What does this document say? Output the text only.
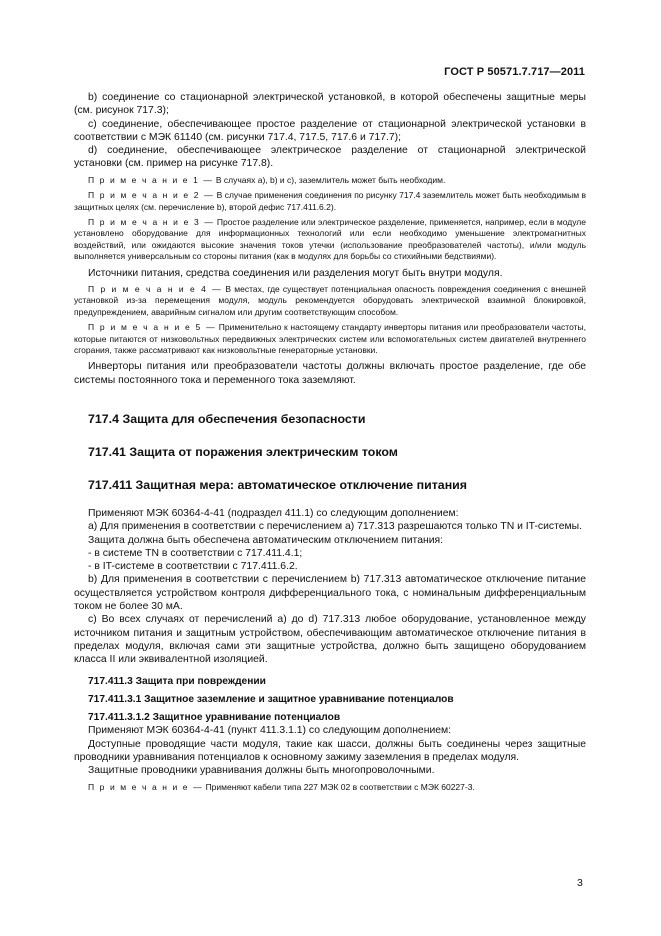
ГОСТ Р 50571.7.717—2011

b) соединение со стационарной электрической установкой, в которой обеспечены защитные меры (см. рисунок 717.3);

c) соединение, обеспечивающее простое разделение от стационарной электрической установки в соответствии с МЭК 61140 (см. рисунки 717.4, 717.5, 717.6 и 717.7);

d) соединение, обеспечивающее электрическое разделение от стационарной электрической установки (см. пример на рисунке 717.8).

П р и м е ч а н и е 1 — В случаях a), b) и c), заземлитель может быть необходим.

П р и м е ч а н и е 2 — В случае применения соединения по рисунку 717.4 заземлитель может быть необходимым в защитных целях (см. перечисление b), второй дефис 717.411.6.2).

П р и м е ч а н и е 3 — Простое разделение или электрическое разделение, применяется, например, если в модуле установлено оборудование для информационных технологий или если необходимо уменьшение электромагнитных воздействий, или ожидаются высокие значения токов утечки (использование преобразователей частоты), и/или модуль выполняется универсальным со стороны питания (как в модулях для борьбы со стихийными бедствиями).

Источники питания, средства соединения или разделения могут быть внутри модуля.

П р и м е ч а н и е 4 — В местах, где существует потенциальная опасность повреждения соединения с внешней установкой из-за перемещения модуля, модуль рекомендуется оборудовать электрической взаимной блокировкой, предупреждением, аварийным сигналом или другим соответствующим способом.

П р и м е ч а н и е 5 — Применительно к настоящему стандарту инверторы питания или преобразователи частоты, которые питаются от низковольтных передвижных электрических систем или вспомогательных систем двигателей внутреннего сгорания, также рассматривают как низковольтные генераторные установки.

Инверторы питания или преобразователи частоты должны включать простое разделение, где обе системы постоянного тока и переменного тока заземляют.

717.4 Защита для обеспечения безопасности

717.41 Защита от поражения электрическим током

717.411 Защитная мера: автоматическое отключение питания

Применяют МЭК 60364-4-41 (подраздел 411.1) со следующим дополнением:

a) Для применения в соответствии с перечислением a) 717.313 разрешаются только TN и IT-системы.

Защита должна быть обеспечена автоматическим отключением питания:

- в системе TN в соответствии с 717.411.4.1;

- в IT-системе в соответствии с 717.411.6.2.

b) Для применения в соответствии с перечислением b) 717.313 автоматическое отключение питание осуществляется устройством контроля дифференциального тока, с номинальным дифференциальным током не более 30 мА.

c) Во всех случаях от перечислений a) до d) 717.313 любое оборудование, установленное между источником питания и защитным устройством, обеспечивающим автоматическое отключение питания в пределах модуля, включая сами эти защитные устройства, должно быть защищено оборудованием класса II или эквивалентной изоляцией.

717.411.3 Защита при повреждении

717.411.3.1 Защитное заземление и защитное уравнивание потенциалов

717.411.3.1.2 Защитное уравнивание потенциалов

Применяют МЭК 60364-4-41 (пункт 411.3.1.1) со следующим дополнением:

Доступные проводящие части модуля, такие как шасси, должны быть соединены через защитные проводники уравнивания потенциалов к основному зажиму заземления в пределах модуля.

Защитные проводники уравнивания должны быть многопроволочными.

П р и м е ч а н и е — Применяют кабели типа 227 МЭК 02 в соответствии с МЭК 60227-3.

3
